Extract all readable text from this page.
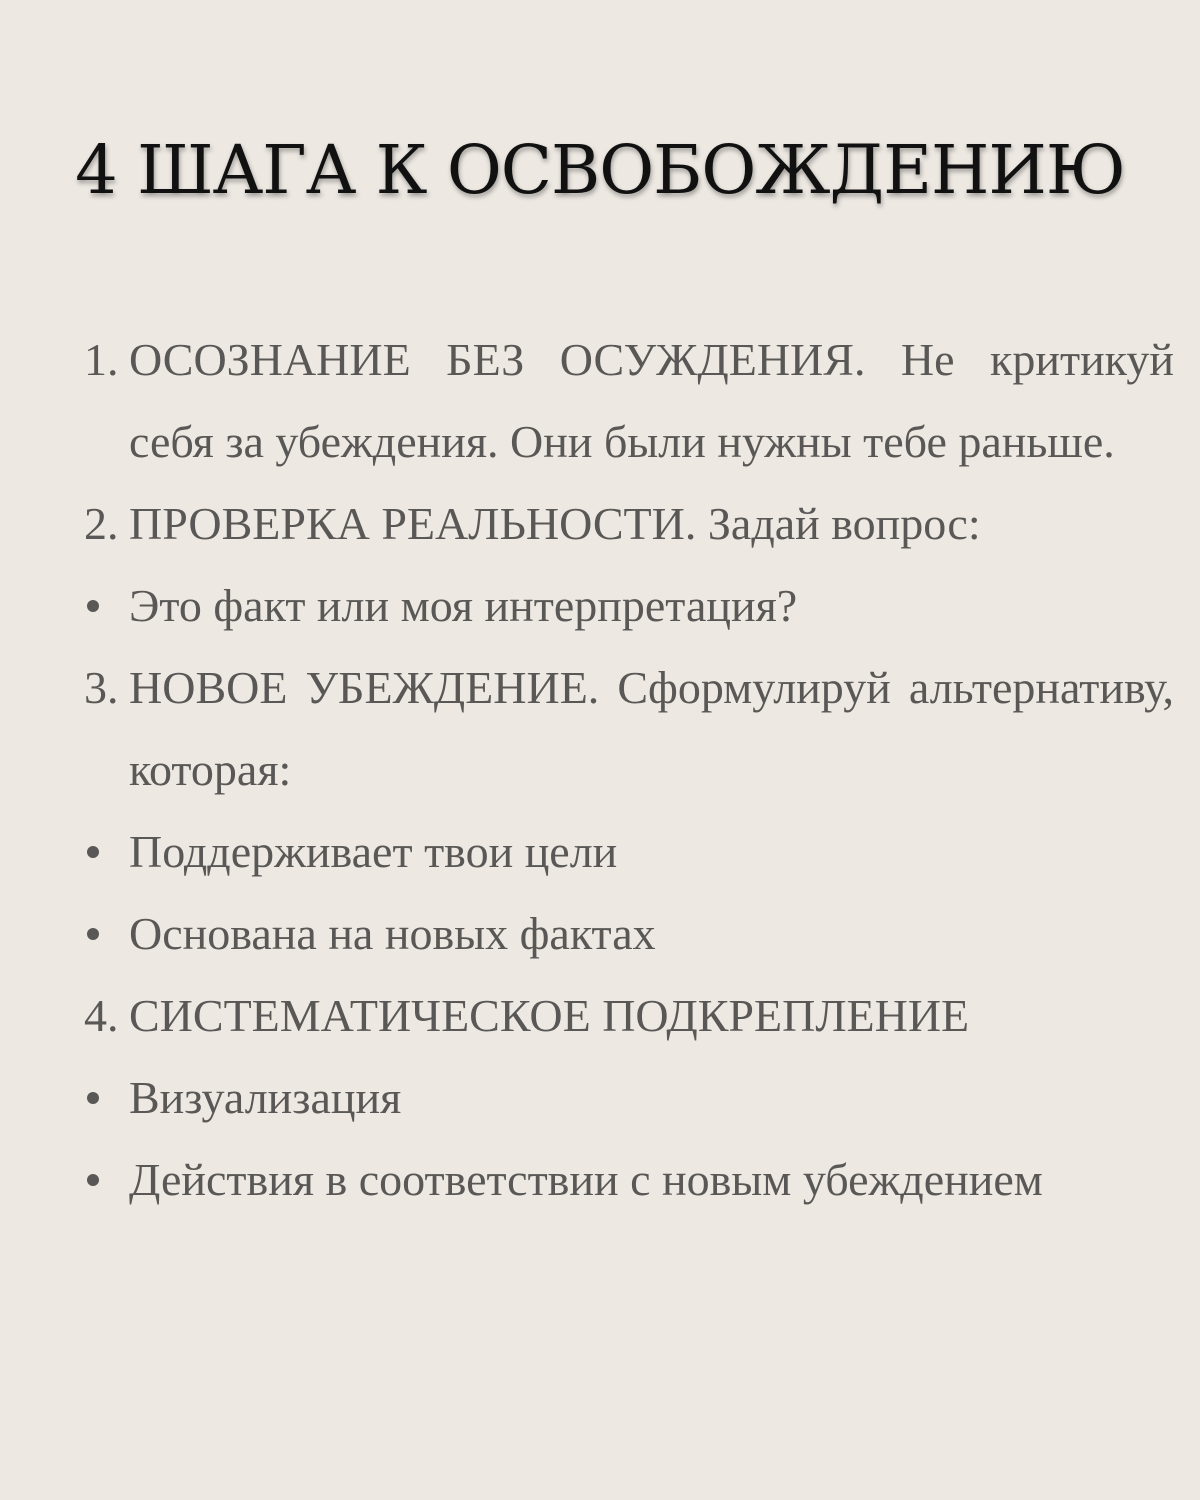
4 ШАГА К ОСВОБОЖДЕНИЮ
1. ОСОЗНАНИЕ БЕЗ ОСУЖДЕНИЯ. Не критикуй себя за убеждения. Они были нужны тебе раньше.
2. ПРОВЕРКА РЕАЛЬНОСТИ. Задай вопрос:
Это факт или моя интерпретация?
3. НОВОЕ УБЕЖДЕНИЕ. Сформулируй альтернативу, которая:
Поддерживает твои цели
Основана на новых фактах
4. СИСТЕМАТИЧЕСКОЕ ПОДКРЕПЛЕНИЕ
Визуализация
Действия в соответствии с новым убеждением
